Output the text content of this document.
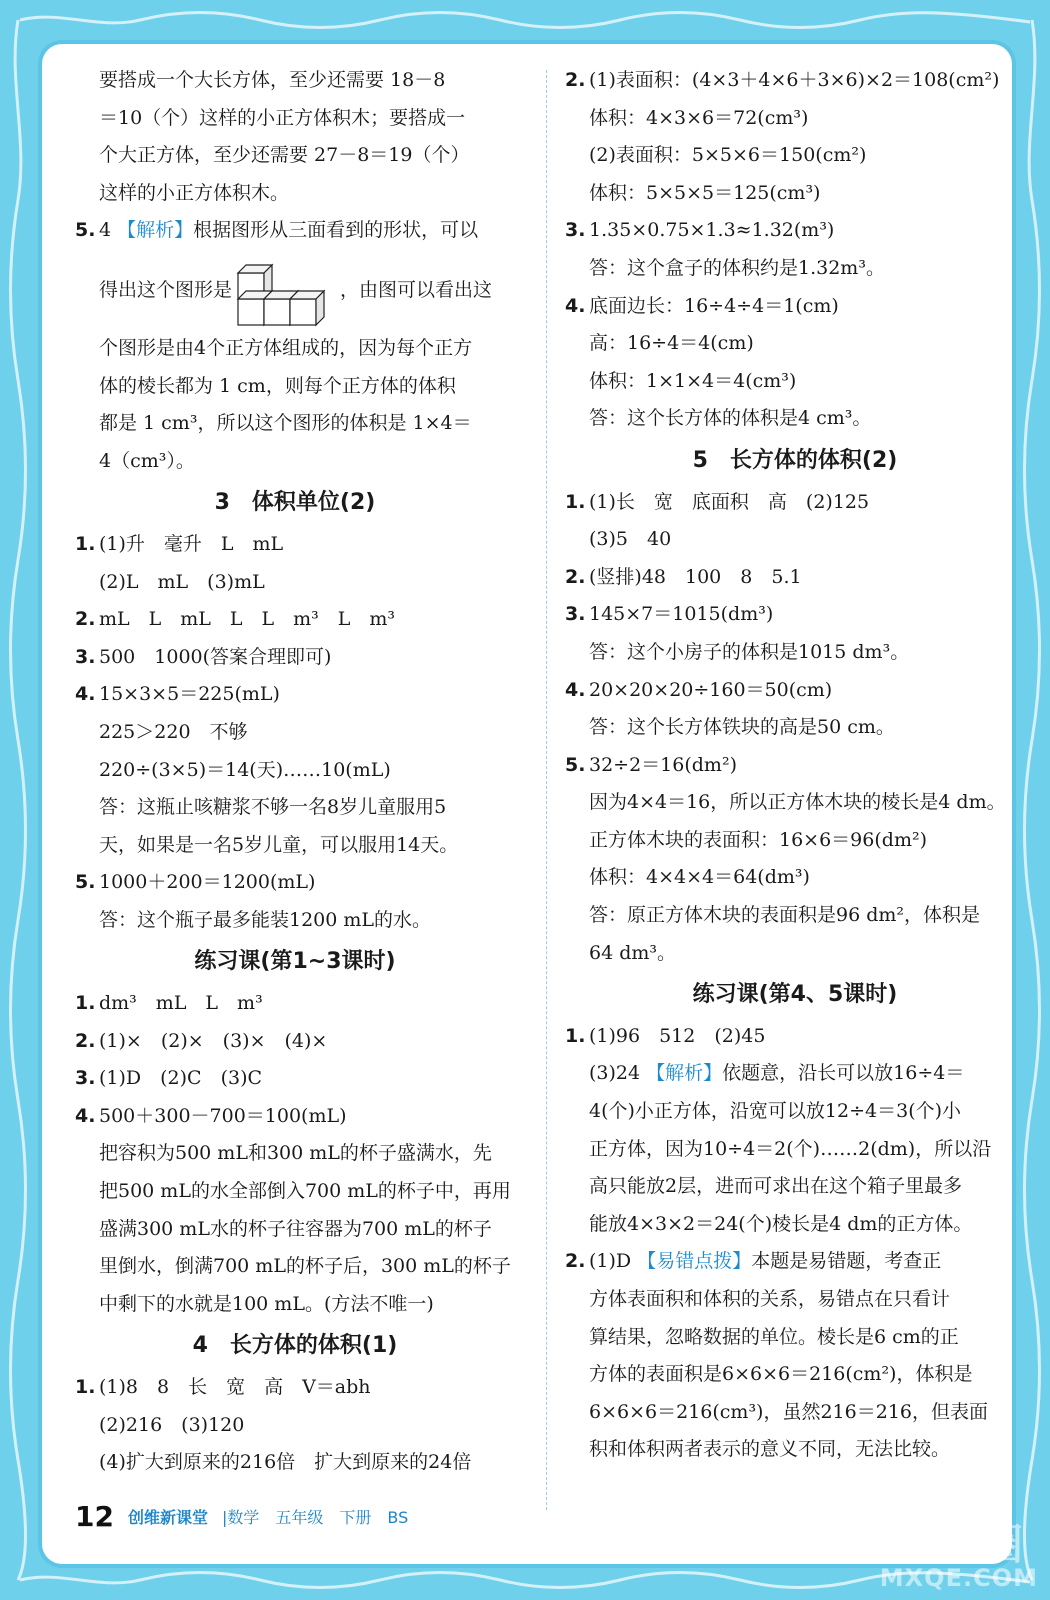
要搭成一个大长方体，至少还需要 18－8
＝10（个）这样的小正方体积木；要搭成一
个大正方体，至少还需要 27－8＝19（个）
这样的小正方体积木。
5. 4 【解析】根据图形从三面看到的形状，可以
得出这个图形是	，由图可以看出这
个图形是由4个正方体组成的，因为每个正方
体的棱长都为 1 cm，则每个正方体的体积
都是 1 cm³，所以这个图形的体积是 1×4＝
4（cm³）。
3　体积单位(2)
1. (1)升　毫升　L　mL
(2)L　mL　(3)mL
2. mL　L　mL　L　L　m³　L　m³
3. 500　1000(答案合理即可)
4. 15×3×5＝225(mL)
225＞220　不够
220÷(3×5)＝14(天)……10(mL)
答：这瓶止咳糖浆不够一名8岁儿童服用5
天，如果是一名5岁儿童，可以服用14天。
5. 1000＋200＝1200(mL)
答：这个瓶子最多能装1200 mL的水。
练习课(第1~3课时)
1. dm³　mL　L　m³
2. (1)×　(2)×　(3)×　(4)×
3. (1)D　(2)C　(3)C
4. 500＋300－700＝100(mL)
把容积为500 mL和300 mL的杯子盛满水，先
把500 mL的水全部倒入700 mL的杯子中，再用
盛满300 mL水的杯子往容器为700 mL的杯子
里倒水，倒满700 mL的杯子后，300 mL的杯子
中剩下的水就是100 mL。(方法不唯一)
4　长方体的体积(1)
1. (1)8　8　长　宽　高　V＝abh
(2)216　(3)120
(4)扩大到原来的216倍　扩大到原来的24倍
2. (1)表面积：(4×3＋4×6＋3×6)×2＝108(cm²)
体积：4×3×6＝72(cm³)
(2)表面积：5×5×6＝150(cm²)
体积：5×5×5＝125(cm³)
3. 1.35×0.75×1.3≈1.32(m³)
答：这个盒子的体积约是1.32m³。
4. 底面边长：16÷4÷4＝1(cm)
高：16÷4＝4(cm)
体积：1×1×4＝4(cm³)
答：这个长方体的体积是4 cm³。
5　长方体的体积(2)
1. (1)长　宽　底面积　高　(2)125
(3)5　40
2. (竖排)48　100　8　5.1
3. 145×7＝1015(dm³)
答：这个小房子的体积是1015 dm³。
4. 20×20×20÷160＝50(cm)
答：这个长方体铁块的高是50 cm。
5. 32÷2＝16(dm²)
因为4×4＝16，所以正方体木块的棱长是4 dm。
正方体木块的表面积：16×6＝96(dm²)
体积：4×4×4＝64(dm³)
答：原正方体木块的表面积是96 dm²，体积是
64 dm³。
练习课(第4、5课时)
1. (1)96　512　(2)45
(3)24 【解析】依题意，沿长可以放16÷4＝
4(个)小正方体，沿宽可以放12÷4＝3(个)小
正方体，因为10÷4＝2(个)……2(dm)，所以沿
高只能放2层，进而可求出在这个箱子里最多
能放4×3×2＝24(个)棱长是4 dm的正方体。
2. (1)D 【易错点拨】本题是易错题，考查正
方体表面积和体积的关系，易错点在只看计
算结果，忽略数据的单位。棱长是6 cm的正
方体的表面积是6×6×6＝216(cm²)，体积是
6×6×6＝216(cm³)，虽然216＝216，但表面
积和体积两者表示的意义不同，无法比较。
12 创维新课堂 |数学　五年级　下册　BS
答案圈
MXQE.COM
